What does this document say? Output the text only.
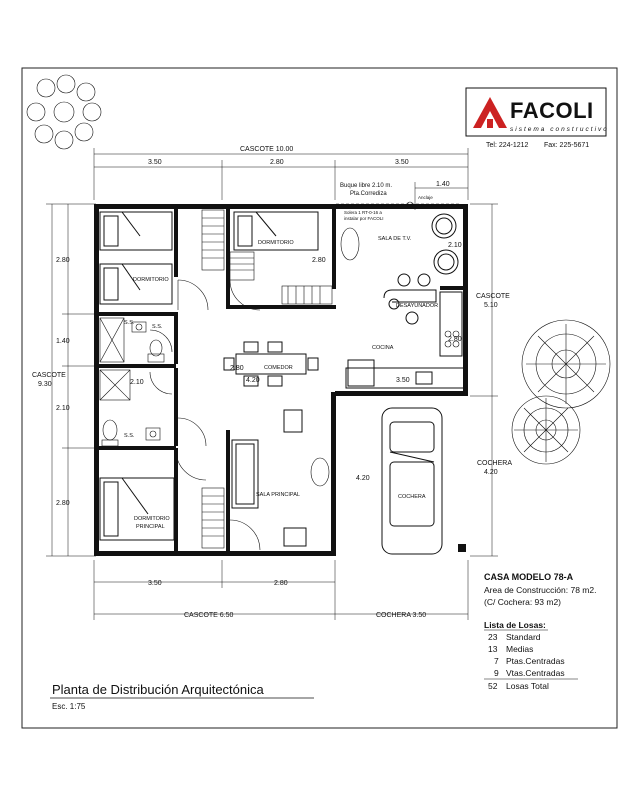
FACOLI
sistema constructivo
Tel: 224-1212 Fax: 225-5671
CASCOTE 10.00
3.50	2.80	3.50
1.40
2.80
1.40
CASCOTE
9.30
2.10
2.80
CASCOTE
5.10
COCHERA
4.20
3.50	2.80
CASCOTE 6.50	COCHERA 3.50
2.80
2.10
2.10
2.80
4.20
2.80
3.50
4.20
DORMITORIO
DORMITORIO
DORMITORIO
PRINCIPAL
SALA DE T.V.
DESAYUNADOR
COCINA
COMEDOR
SALA PRINCIPAL	COCHERA
S.S.
S.S.
S.S.
Buque libre 2.10 m.
Pta.Corrediza
Solera 1 RT-0-16 a
instalar por FACOLI
Anclaje
CASA MODELO 78-A
Area de Construcción: 78 m2.
(C/ Cochera: 93 m2)
Lista de Losas:
23 Standard
13 Medias
7 Ptas.Centradas
9 Vtas.Centradas
52 Losas Total
Planta de Distribución Arquitectónica
Esc. 1:75
